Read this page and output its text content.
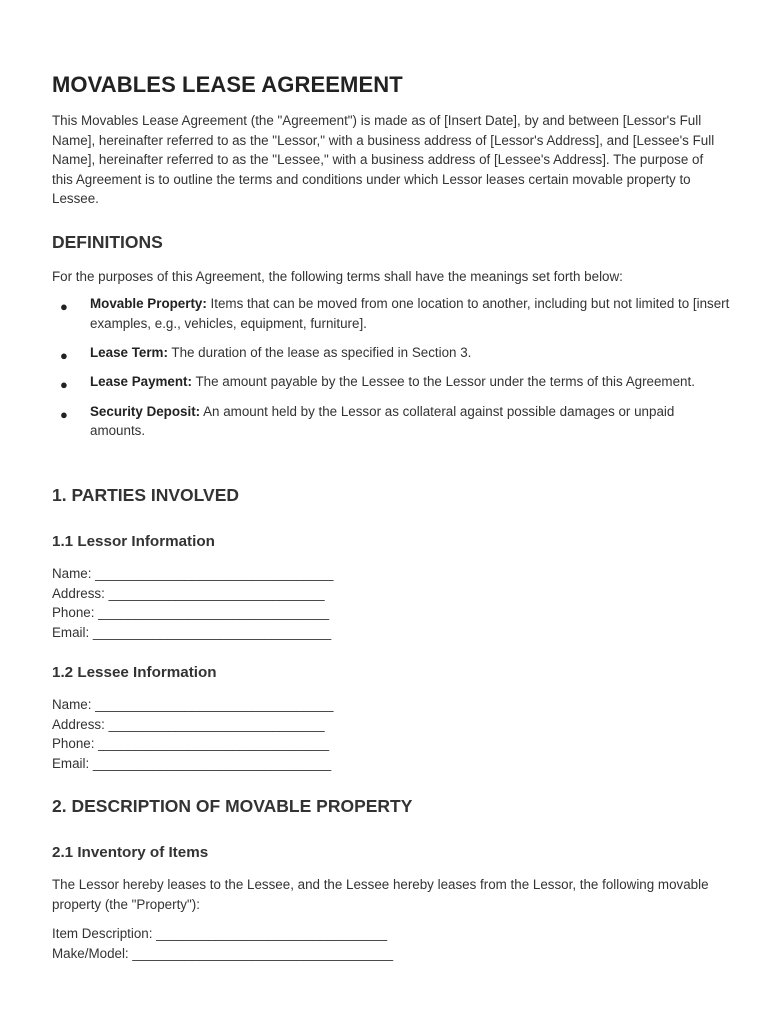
MOVABLES LEASE AGREEMENT

This Movables Lease Agreement (the "Agreement") is made as of [Insert Date], by and between [Lessor's Full Name], hereinafter referred to as the "Lessor," with a business address of [Lessor's Address], and [Lessee's Full Name], hereinafter referred to as the "Lessee," with a business address of [Lessee's Address]. The purpose of this Agreement is to outline the terms and conditions under which Lessor leases certain movable property to Lessee.

DEFINITIONS

For the purposes of this Agreement, the following terms shall have the meanings set forth below:

● Movable Property: Items that can be moved from one location to another, including but not limited to [insert examples, e.g., vehicles, equipment, furniture].
● Lease Term: The duration of the lease as specified in Section 3.
● Lease Payment: The amount payable by the Lessee to the Lessor under the terms of this Agreement.
● Security Deposit: An amount held by the Lessor as collateral against possible damages or unpaid amounts.
1. PARTIES INVOLVED
1.1 Lessor Information
Name: ________________________________
Address: _____________________________
Phone: _______________________________
Email: ________________________________
1.2 Lessee Information
Name: ________________________________
Address: _____________________________
Phone: _______________________________
Email: ________________________________
2. DESCRIPTION OF MOVABLE PROPERTY
2.1 Inventory of Items

The Lessor hereby leases to the Lessee, and the Lessee hereby leases from the Lessor, the following movable property (the "Property"):

Item Description: _______________________________
Make/Model: ___________________________________
